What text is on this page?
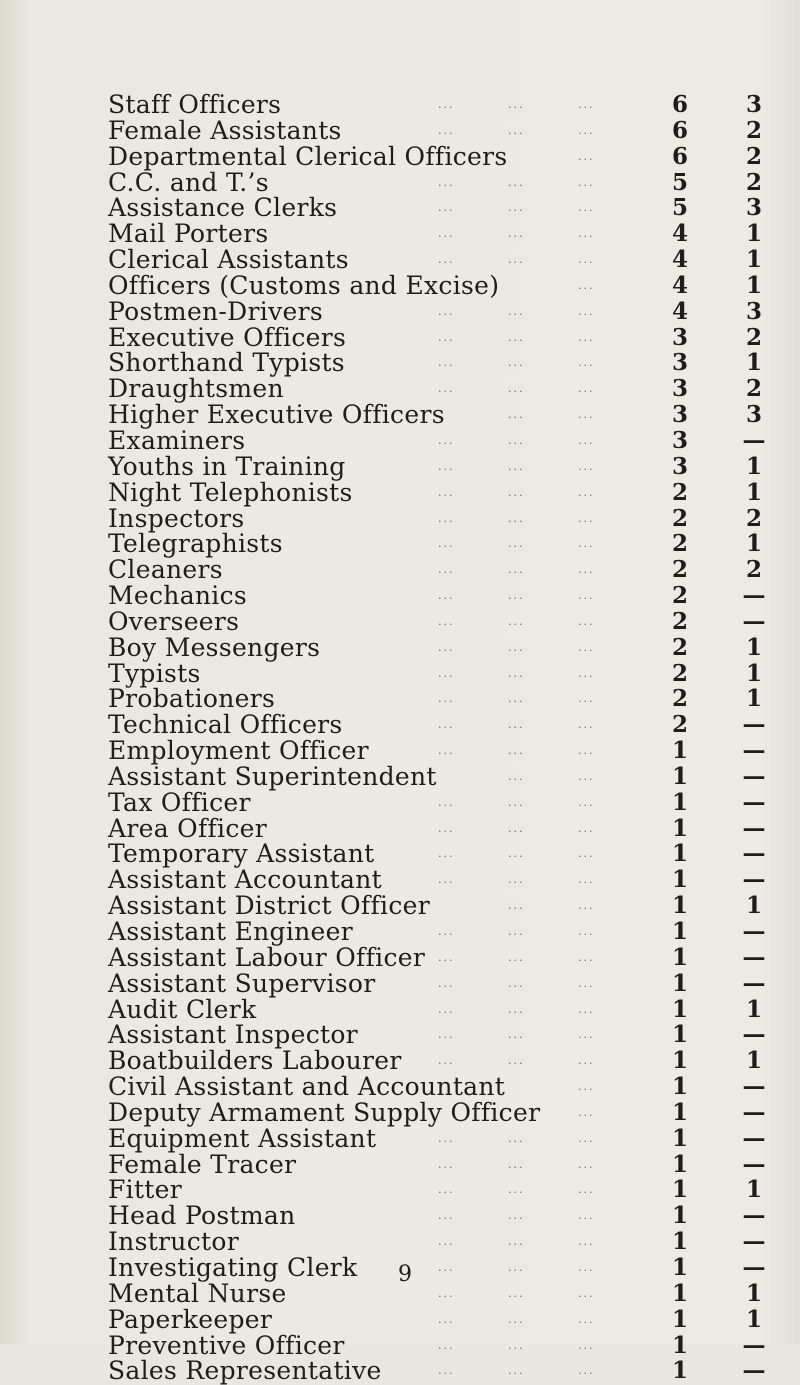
...	...	...
Staff Officers	6	3
...	...	...
Female Assistants	6	2
...
Departmental Clerical Officers	6	2
...	...	...
C.C. and T.’s	5	2
...	...	...
Assistance Clerks	5	3
...	...	...
Mail Porters	4	1
...	...	...
Clerical Assistants	4	1
...
Officers (Customs and Excise)	4	1
...	...	...
Postmen-Drivers	4	3
...	...	...
Executive Officers	3	2
...	...	...
Shorthand Typists	3	1
...	...	...
Draughtsmen	3	2
...	...
Higher Executive Officers	3	3
...	...	...
Examiners	3 —
...	...	...
Youths in Training	3	1
...	...	...
Night Telephonists	2	1
...	...	...
Inspectors	2	2
...	...	...
Telegraphists	2	1
...	...	...
Cleaners	2	2
...	...	...
Mechanics	2 —
...	...	...
Overseers	2 —
...	...	...
Boy Messengers	2	1
...	...	...
Typists	2	1
...	...	...
Probationers	2	1
...	...	...
Technical Officers	2 —
...	...	...
Employment Officer	1 —
...	...
Assistant Superintendent	1 —
...	...	...
Tax Officer	1 —
...	...	...
Area Officer	1 —
...	...	...
Temporary Assistant	1 —
...	...	...
Assistant Accountant	1 —
...	...
Assistant District Officer	1	1
...	...	...
Assistant Engineer	1 —
...	...	...
Assistant Labour Officer	1 —
...	...	...
Assistant Supervisor	1 —
...	...	...
Audit Clerk	1	1
...	...	...
Assistant Inspector	1 —
...	...	...
Boatbuilders Labourer	1	1
...
Civil Assistant and Accountant	1 —
...
Deputy Armament Supply Officer	1 —
...	...	...
Equipment Assistant	1 —
...	...	...
Female Tracer	1 —
...	...	...
Fitter	1	1
...	...	...
Head Postman	1 —
...	...	...
Instructor	1 —
...	...	...
Investigating Clerk	1 —
...	...	...
Mental Nurse	1	1
...	...	...
Paperkeeper	1	1
...	...	...
Preventive Officer	1 —
...	...	...
Sales Representative	1 —
9
